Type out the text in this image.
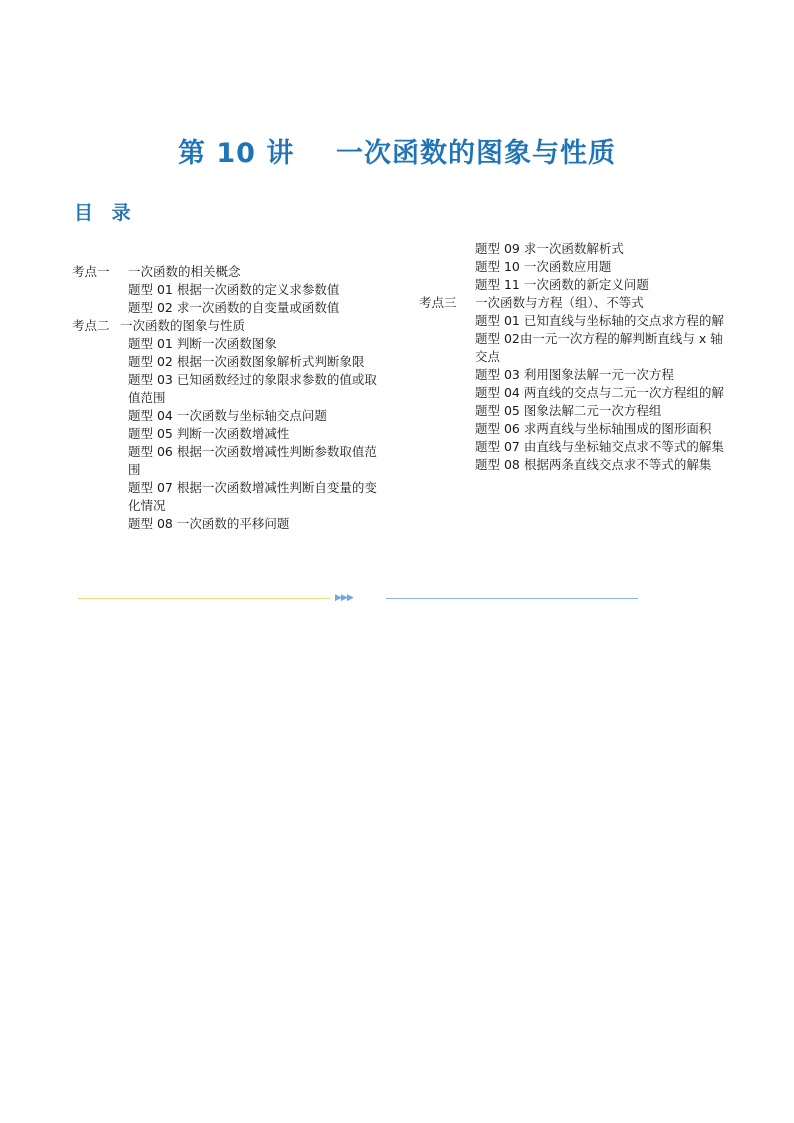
第 10 讲    一次函数的图象与性质
目 录
考点一	一次函数的相关概念
题型 01 根据一次函数的定义求参数值
题型 02 求一次函数的自变量或函数值
考点二 一次函数的图象与性质
题型 01 判断一次函数图象
题型 02 根据一次函数图象解析式判断象限
题型 03 已知函数经过的象限求参数的值或取值范围
题型 04 一次函数与坐标轴交点问题
题型 05 判断一次函数增减性
题型 06 根据一次函数增减性判断参数取值范围
题型 07 根据一次函数增减性判断自变量的变化情况
题型 08 一次函数的平移问题
题型 09 求一次函数解析式
题型 10 一次函数应用题
题型 11 一次函数的新定义问题
考点三	一次函数与方程（组）、不等式
题型 01 已知直线与坐标轴的交点求方程的解
题型 02由一元一次方程的解判断直线与 x 轴交点
题型 03 利用图象法解一元一次方程
题型 04 两直线的交点与二元一次方程组的解
题型 05 图象法解二元一次方程组
题型 06 求两直线与坐标轴围成的图形面积
题型 07 由直线与坐标轴交点求不等式的解集
题型 08 根据两条直线交点求不等式的解集
▶▶▶
